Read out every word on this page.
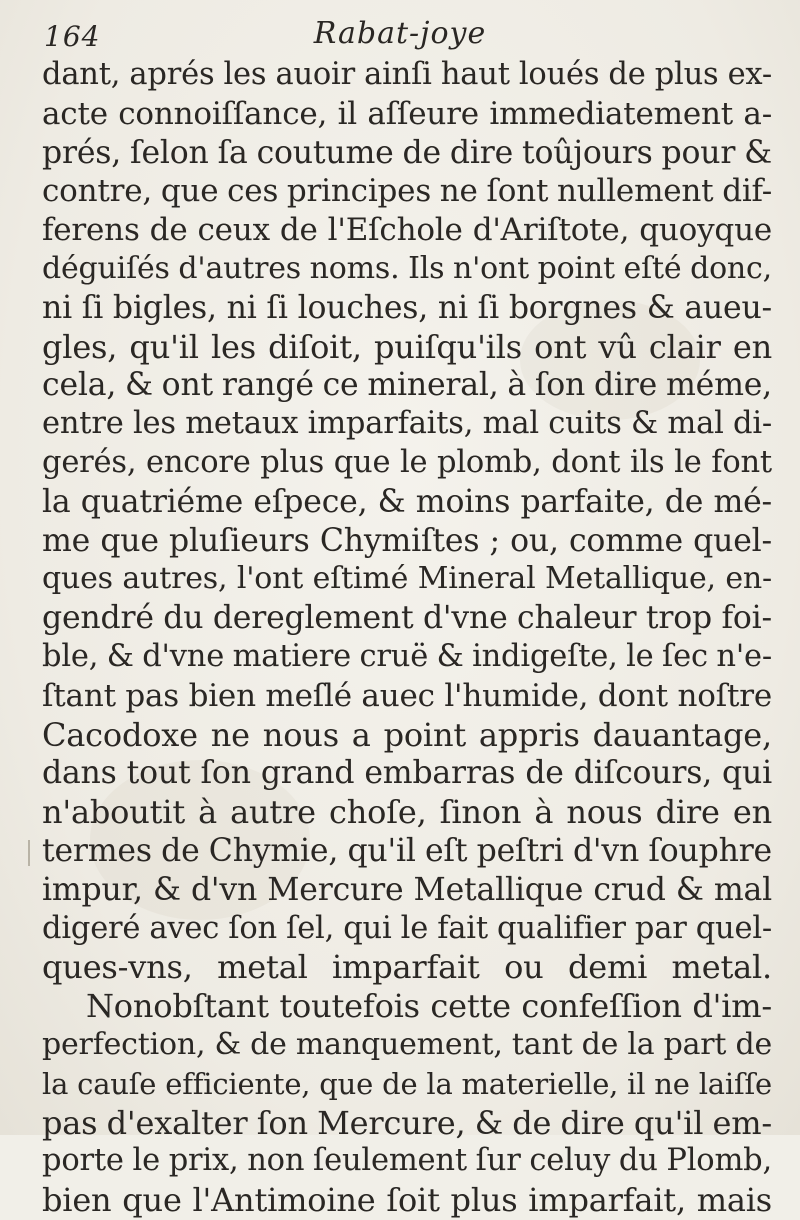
164	Rabat-joye
dant, aprés les auoir ainſi haut loués de plus ex-
acte connoiſſance, il aſſeure immediatement a-
prés, ſelon ſa coutume de dire toûjours pour &
contre, que ces principes ne ſont nullement dif-
ferens de ceux de l'Eſchole d'Ariſtote, quoyque
déguiſés d'autres noms. Ils n'ont point eſté donc,
ni ſi bigles, ni ſi louches, ni ſi borgnes & aueu-
gles, qu'il les diſoit, puiſqu'ils ont vû clair en
cela, & ont rangé ce mineral, à ſon dire méme,
entre les metaux imparfaits, mal cuits & mal di-
gerés, encore plus que le plomb, dont ils le font
la quatriéme eſpece, & moins parfaite, de mé-
me que pluſieurs Chymiſtes ; ou, comme quel-
ques autres, l'ont eſtimé Mineral Metallique, en-
gendré du dereglement d'vne chaleur trop foi-
ble, & d'vne matiere cruë & indigeſte, le ſec n'e-
ſtant pas bien meſlé auec l'humide, dont noſtre
Cacodoxe ne nous a point appris dauantage,
dans tout ſon grand embarras de diſcours, qui
n'aboutit à autre choſe, ſinon à nous dire en
termes de Chymie, qu'il eſt peſtri d'vn ſouphre
impur, & d'vn Mercure Metallique crud & mal
digeré avec ſon ſel, qui le fait qualifier par quel-
ques-vns, metal imparfait ou demi metal.
Nonobſtant toutefois cette confeſſion d'im-
perfection, & de manquement, tant de la part de
la cauſe efficiente, que de la materielle, il ne laiſſe
pas d'exalter ſon Mercure, & de dire qu'il em-
porte le prix, non ſeulement ſur celuy du Plomb,
bien que l'Antimoine ſoit plus imparfait, mais
